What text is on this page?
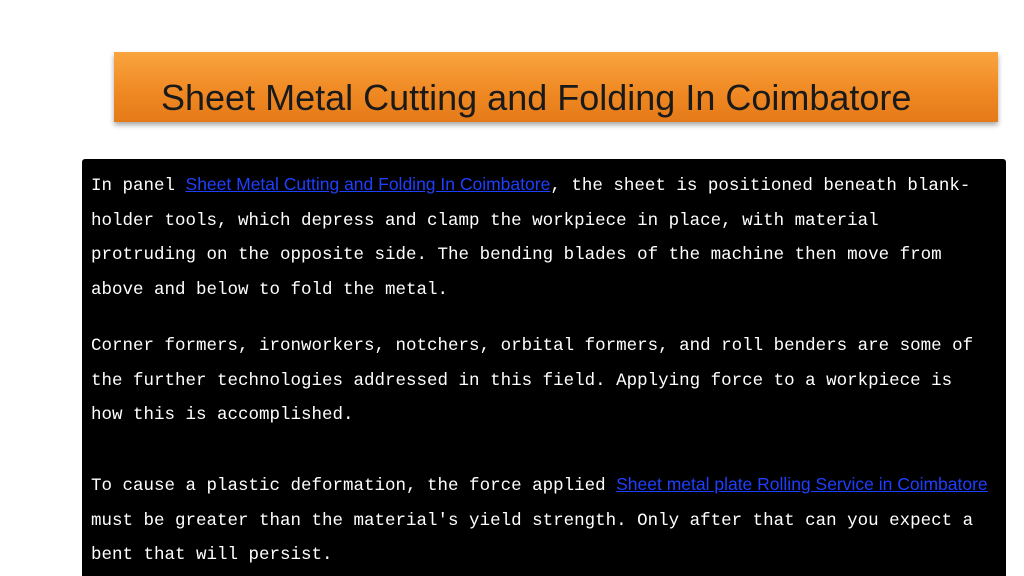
Sheet Metal Cutting and Folding In Coimbatore

In panel Sheet Metal Cutting and Folding In Coimbatore, the sheet is positioned beneath blank-holder tools, which depress and clamp the workpiece in place, with material protruding on the opposite side. The bending blades of the machine then move from above and below to fold the metal.

Corner formers, ironworkers, notchers, orbital formers, and roll benders are some of the further technologies addressed in this field. Applying force to a workpiece is how this is accomplished.

To cause a plastic deformation, the force applied Sheet metal plate Rolling Service in Coimbatore must be greater than the material's yield strength. Only after that can you expect a bent that will persist.
